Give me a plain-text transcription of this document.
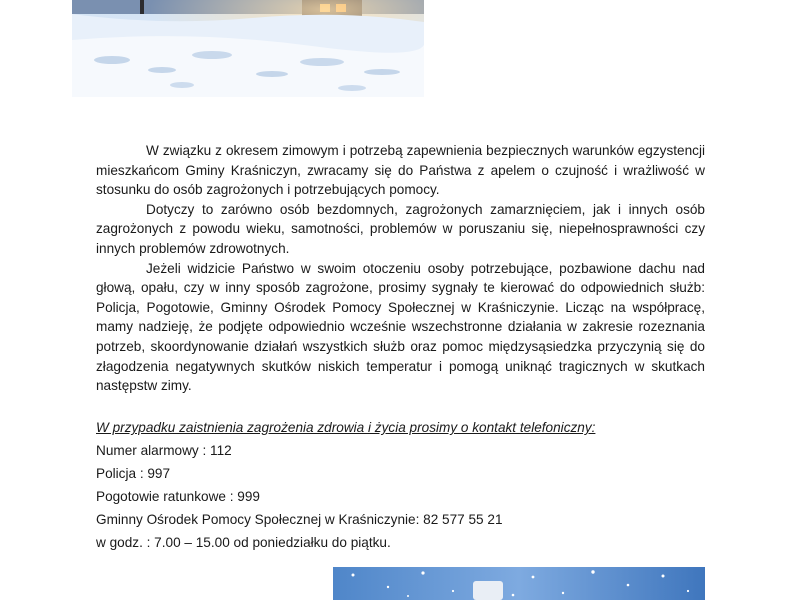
W związku z okresem zimowym i potrzebą zapewnienia bezpiecznych warunków egzystencji mieszkańcom Gminy Kraśniczyn, zwracamy się do Państwa z apelem o czujność i wrażliwość w stosunku do osób zagrożonych i potrzebujących pomocy.

Dotyczy to zarówno osób bezdomnych, zagrożonych zamarznięciem, jak i innych osób zagrożonych z powodu wieku, samotności, problemów w poruszaniu się, niepełnosprawności czy innych problemów zdrowotnych.

Jeżeli widzicie Państwo w swoim otoczeniu osoby potrzebujące, pozbawione dachu nad głową, opału, czy w inny sposób zagrożone, prosimy sygnały te kierować do odpowiednich służb: Policja, Pogotowie, Gminny Ośrodek Pomocy Społecznej w Kraśniczynie. Licząc na współpracę, mamy nadzieję, że podjęte odpowiednio wcześnie wszechstronne działania w zakresie rozeznania potrzeb, skoordynowanie działań wszystkich służb oraz pomoc międzysąsiedzka przyczynią się do złagodzenia negatywnych skutków niskich temperatur i pomogą uniknąć tragicznych w skutkach następstw zimy.

W przypadku zaistnienia zagrożenia zdrowia i życia prosimy o kontakt telefoniczny:
Numer alarmowy : 112
Policja : 997
Pogotowie ratunkowe : 999
Gminny Ośrodek Pomocy Społecznej w Kraśniczynie: 82 577 55 21
w godz. : 7.00 – 15.00 od poniedziałku do piątku.
